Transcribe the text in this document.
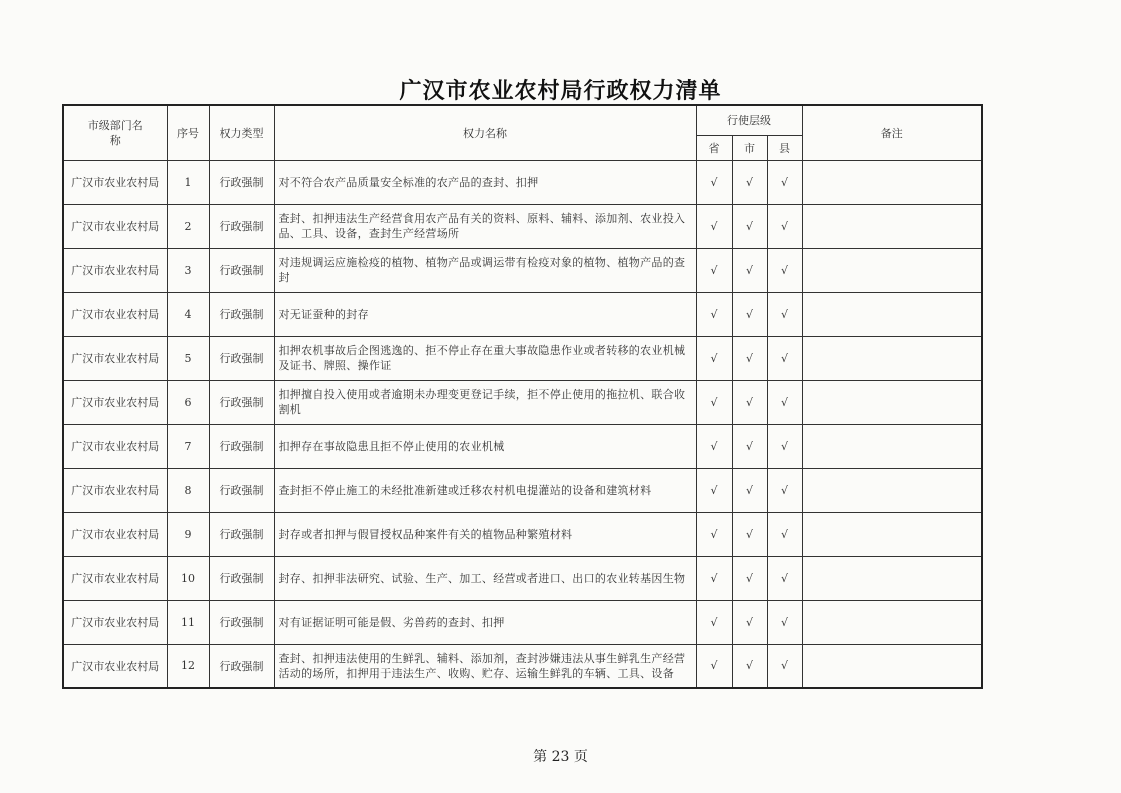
广汉市农业农村局行政权力清单
市级部门名称	序号	权力类型	权力名称	行使层级			备注
				省	市	县	
广汉市农业农村局	1	行政强制	对不符合农产品质量安全标准的农产品的查封、扣押	√	√	√	
广汉市农业农村局	2	行政强制	查封、扣押违法生产经营食用农产品有关的资料、原料、辅料、添加剂、农业投入品、工具、设备，查封生产经营场所	√	√	√	
广汉市农业农村局	3	行政强制	对违规调运应施检疫的植物、植物产品或调运带有检疫对象的植物、植物产品的查封	√	√	√	
广汉市农业农村局	4	行政强制	对无证蚕种的封存	√	√	√	
广汉市农业农村局	5	行政强制	扣押农机事故后企图逃逸的、拒不停止存在重大事故隐患作业或者转移的农业机械及证书、牌照、操作证	√	√	√	
广汉市农业农村局	6	行政强制	扣押擅自投入使用或者逾期未办理变更登记手续，拒不停止使用的拖拉机、联合收割机	√	√	√	
广汉市农业农村局	7	行政强制	扣押存在事故隐患且拒不停止使用的农业机械	√	√	√	
广汉市农业农村局	8	行政强制	查封拒不停止施工的未经批准新建或迁移农村机电提灌站的设备和建筑材料	√	√	√	
广汉市农业农村局	9	行政强制	封存或者扣押与假冒授权品种案件有关的植物品种繁殖材料	√	√	√	
广汉市农业农村局	10	行政强制	封存、扣押非法研究、试验、生产、加工、经营或者进口、出口的农业转基因生物	√	√	√	
广汉市农业农村局	11	行政强制	对有证据证明可能是假、劣兽药的查封、扣押	√	√	√	
广汉市农业农村局	12	行政强制	查封、扣押违法使用的生鲜乳、辅料、添加剂，查封涉嫌违法从事生鲜乳生产经营活动的场所，扣押用于违法生产、收购、贮存、运输生鲜乳的车辆、工具、设备	√	√	√	
第 23 页
